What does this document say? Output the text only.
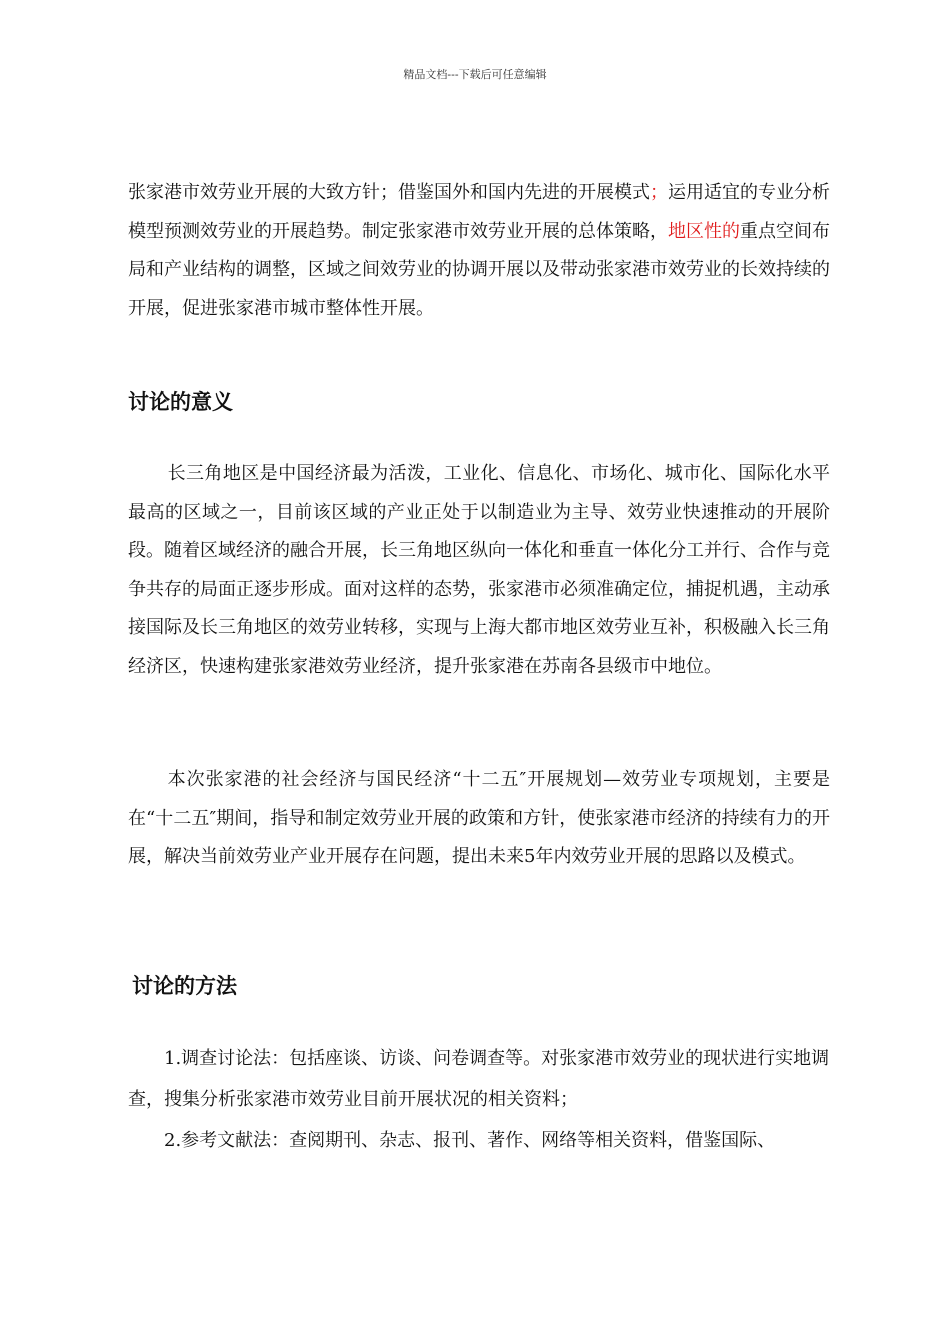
精品文档---下载后可任意编辑

张家港市效劳业开展的大致方针；借鉴国外和国内先进的开展模式；运用适宜的专业分析模型预测效劳业的开展趋势。制定张家港市效劳业开展的总体策略，地区性的重点空间布局和产业结构的调整，区域之间效劳业的协调开展以及带动张家港市效劳业的长效持续的开展，促进张家港市城市整体性开展。

讨论的意义

长三角地区是中国经济最为活泼，工业化、信息化、市场化、城市化、国际化水平最高的区域之一，目前该区域的产业正处于以制造业为主导、效劳业快速推动的开展阶段。随着区域经济的融合开展，长三角地区纵向一体化和垂直一体化分工并行、合作与竞争共存的局面正逐步形成。面对这样的态势，张家港市必须准确定位，捕捉机遇，主动承接国际及长三角地区的效劳业转移，实现与上海大都市地区效劳业互补，积极融入长三角经济区，快速构建张家港效劳业经济，提升张家港在苏南各县级市中地位。

本次张家港的社会经济与国民经济“十二五″开展规划—效劳业专项规划，主要是在“十二五″期间，指导和制定效劳业开展的政策和方针，使张家港市经济的持续有力的开展，解决当前效劳业产业开展存在问题，提出未来5年内效劳业开展的思路以及模式。

讨论的方法

1.调查讨论法：包括座谈、访谈、问卷调查等。对张家港市效劳业的现状进行实地调查，搜集分析张家港市效劳业目前开展状况的相关资料；

2.参考文献法：查阅期刊、杂志、报刊、著作、网络等相关资料，借鉴国际、
